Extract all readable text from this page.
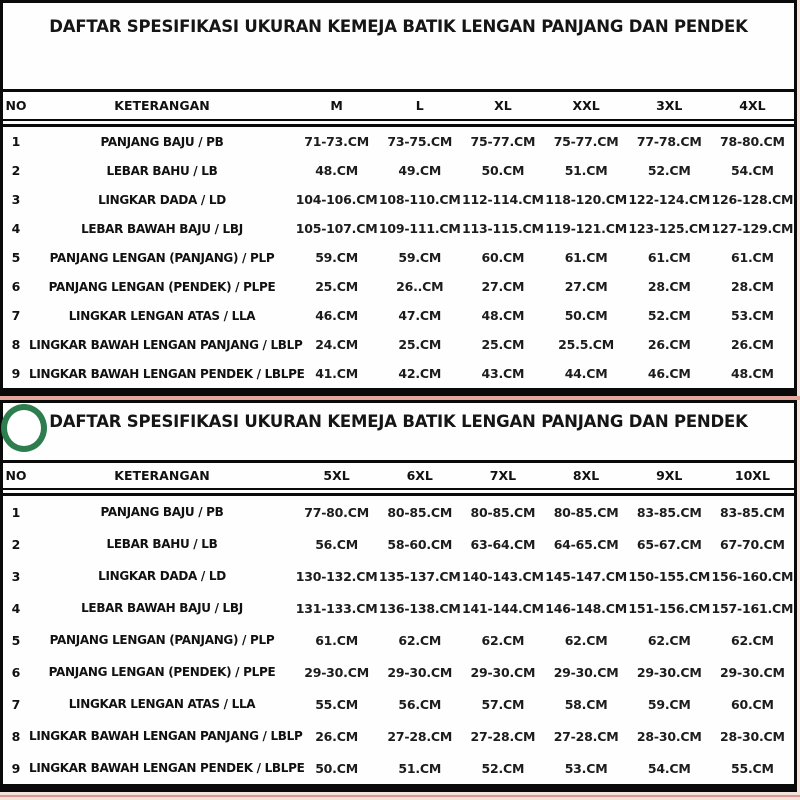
DAFTAR SPESIFIKASI UKURAN KEMEJA BATIK LENGAN PANJANG DAN PENDEK
NO	KETERANGAN	M	L	XL	XXL	3XL	4XL
1	PANJANG BAJU / PB	71-73.CM	73-75.CM	75-77.CM	75-77.CM	77-78.CM	78-80.CM
2	LEBAR BAHU / LB	48.CM	49.CM	50.CM	51.CM	52.CM	54.CM
3	LINGKAR DADA / LD	104-106.CM 108-110.CM 112-114.CM 118-120.CM 122-124.CM 126-128.CM
4	LEBAR BAWAH BAJU / LBJ	105-107.CM 109-111.CM 113-115.CM 119-121.CM 123-125.CM 127-129.CM
5	PANJANG LENGAN (PANJANG) / PLP	59.CM	59.CM	60.CM	61.CM	61.CM	61.CM
6	PANJANG LENGAN (PENDEK) / PLPE	25.CM	26..CM	27.CM	27.CM	28.CM	28.CM
7	LINGKAR LENGAN ATAS / LLA	46.CM	47.CM	48.CM	50.CM	52.CM	53.CM
8 LINGKAR BAWAH LENGAN PANJANG / LBLP	24.CM	25.CM	25.CM	25.5.CM	26.CM	26.CM
9 LINGKAR BAWAH LENGAN PENDEK / LBLPE 41.CM	42.CM	43.CM	44.CM	46.CM	48.CM
DAFTAR SPESIFIKASI UKURAN KEMEJA BATIK LENGAN PANJANG DAN PENDEK
NO	KETERANGAN	5XL	6XL	7XL	8XL	9XL	10XL
1	PANJANG BAJU / PB	77-80.CM	80-85.CM	80-85.CM	80-85.CM	83-85.CM	83-85.CM
2	LEBAR BAHU / LB	56.CM	58-60.CM	63-64.CM	64-65.CM	65-67.CM	67-70.CM
3	LINGKAR DADA / LD	130-132.CM 135-137.CM 140-143.CM 145-147.CM 150-155.CM 156-160.CM
4	LEBAR BAWAH BAJU / LBJ	131-133.CM 136-138.CM 141-144.CM 146-148.CM 151-156.CM 157-161.CM
5	PANJANG LENGAN (PANJANG) / PLP	61.CM	62.CM	62.CM	62.CM	62.CM	62.CM
6	PANJANG LENGAN (PENDEK) / PLPE	29-30.CM	29-30.CM	29-30.CM	29-30.CM	29-30.CM	29-30.CM
7	LINGKAR LENGAN ATAS / LLA	55.CM	56.CM	57.CM	58.CM	59.CM	60.CM
8 LINGKAR BAWAH LENGAN PANJANG / LBLP	26.CM	27-28.CM	27-28.CM	27-28.CM	28-30.CM	28-30.CM
9 LINGKAR BAWAH LENGAN PENDEK / LBLPE 50.CM	51.CM	52.CM	53.CM	54.CM	55.CM
